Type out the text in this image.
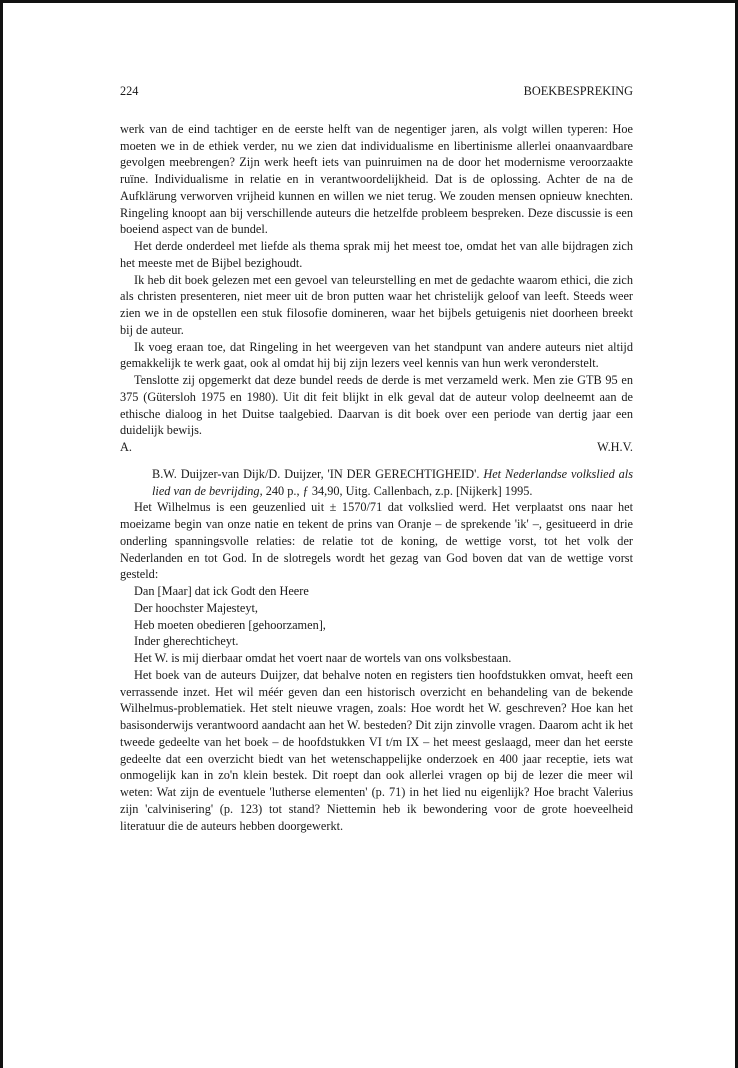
224	BOEKBESPREKING

werk van de eind tachtiger en de eerste helft van de negentiger jaren, als volgt willen typeren: Hoe moeten we in de ethiek verder, nu we zien dat individualisme en libertinisme allerlei onaanvaardbare gevolgen meebrengen? Zijn werk heeft iets van puinruimen na de door het modernisme veroorzaakte ruïne. Individualisme in relatie en in verantwoordelijkheid. Dat is de oplossing. Achter de na de Aufklärung verworven vrijheid kunnen en willen we niet terug. We zouden mensen opnieuw knechten. Ringeling knoopt aan bij verschillende auteurs die hetzelfde probleem bespreken. Deze discussie is een boeiend aspect van de bundel.

Het derde onderdeel met liefde als thema sprak mij het meest toe, omdat het van alle bijdragen zich het meeste met de Bijbel bezighoudt.

Ik heb dit boek gelezen met een gevoel van teleurstelling en met de gedachte waarom ethici, die zich als christen presenteren, niet meer uit de bron putten waar het christelijk geloof van leeft. Steeds weer zien we in de opstellen een stuk filosofie domineren, waar het bijbels getuigenis niet doorheen breekt bij de auteur.

Ik voeg eraan toe, dat Ringeling in het weergeven van het standpunt van andere auteurs niet altijd gemakkelijk te werk gaat, ook al omdat hij bij zijn lezers veel kennis van hun werk veronderstelt.

Tenslotte zij opgemerkt dat deze bundel reeds de derde is met verzameld werk. Men zie GTB 95 en 375 (Gütersloh 1975 en 1980). Uit dit feit blijkt in elk geval dat de auteur volop deelneemt aan de ethische dialoog in het Duitse taalgebied. Daarvan is dit boek over een periode van dertig jaar een duidelijk bewijs.

A.	W.H.V.

B.W. Duijzer-van Dijk/D. Duijzer, 'IN DER GERECHTIGHEID'. Het Nederlandse volkslied als lied van de bevrijding, 240 p., ƒ 34,90, Uitg. Callenbach, z.p. [Nijkerk] 1995.

Het Wilhelmus is een geuzenlied uit ± 1570/71 dat volkslied werd. Het verplaatst ons naar het moeizame begin van onze natie en tekent de prins van Oranje – de sprekende 'ik' –, gesitueerd in drie onderling spanningsvolle relaties: de relatie tot de koning, de wettige vorst, tot het volk der Nederlanden en tot God. In de slotregels wordt het gezag van God boven dat van de wettige vorst gesteld:

Dan [Maar] dat ick Godt den Heere
Der hoochster Majesteyt,
Heb moeten obedieren [gehoorzamen],
Inder gherechticheyt.

Het W. is mij dierbaar omdat het voert naar de wortels van ons volksbestaan.

Het boek van de auteurs Duijzer, dat behalve noten en registers tien hoofdstukken omvat, heeft een verrassende inzet. Het wil méér geven dan een historisch overzicht en behandeling van de bekende Wilhelmus-problematiek. Het stelt nieuwe vragen, zoals: Hoe wordt het W. geschreven? Hoe kan het basisonderwijs verantwoord aandacht aan het W. besteden? Dit zijn zinvolle vragen. Daarom acht ik het tweede gedeelte van het boek – de hoofdstukken VI t/m IX – het meest geslaagd, meer dan het eerste gedeelte dat een overzicht biedt van het wetenschappelijke onderzoek en 400 jaar receptie, iets wat onmogelijk kan in zo'n klein bestek. Dit roept dan ook allerlei vragen op bij de lezer die meer wil weten: Wat zijn de eventuele 'lutherse elementen' (p. 71) in het lied nu eigenlijk? Hoe bracht Valerius zijn 'calvinisering' (p. 123) tot stand? Niettemin heb ik bewondering voor de grote hoeveelheid literatuur die de auteurs hebben doorgewerkt.
